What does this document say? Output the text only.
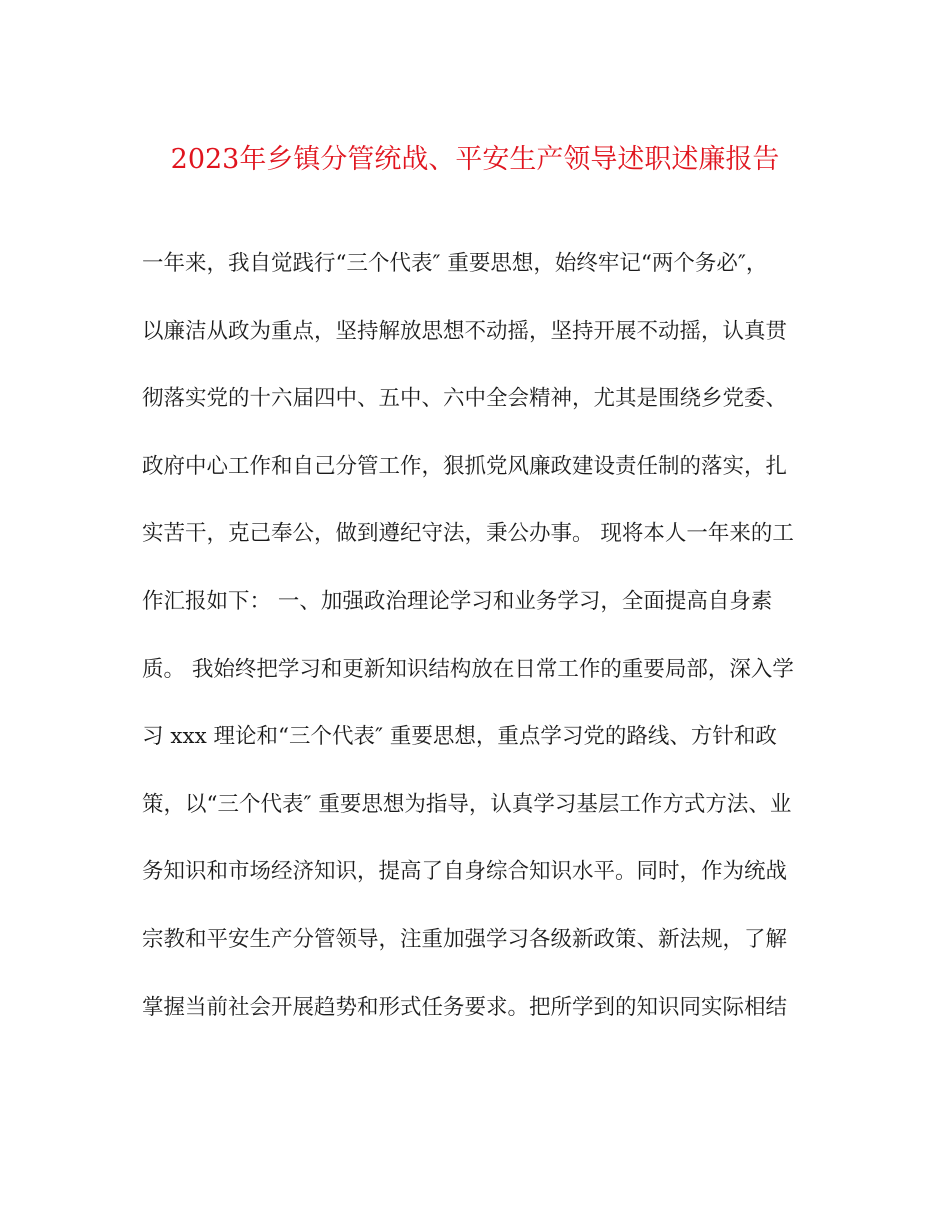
2023年乡镇分管统战、平安生产领导述职述廉报告
一年来，我自觉践行“三个代表″ 重要思想，始终牢记“两个务必″，
以廉洁从政为重点，坚持解放思想不动摇，坚持开展不动摇，认真贯
彻落实党的十六届四中、五中、六中全会精神，尤其是围绕乡党委、
政府中心工作和自己分管工作，狠抓党风廉政建设责任制的落实，扎
实苦干，克己奉公，做到遵纪守法，秉公办事。 现将本人一年来的工
作汇报如下： 一、加强政治理论学习和业务学习，全面提高自身素
质。 我始终把学习和更新知识结构放在日常工作的重要局部，深入学
习 xxx 理论和“三个代表″ 重要思想，重点学习党的路线、方针和政
策，以“三个代表″ 重要思想为指导，认真学习基层工作方式方法、业
务知识和市场经济知识，提高了自身综合知识水平。同时，作为统战
宗教和平安生产分管领导，注重加强学习各级新政策、新法规，了解
掌握当前社会开展趋势和形式任务要求。把所学到的知识同实际相结
